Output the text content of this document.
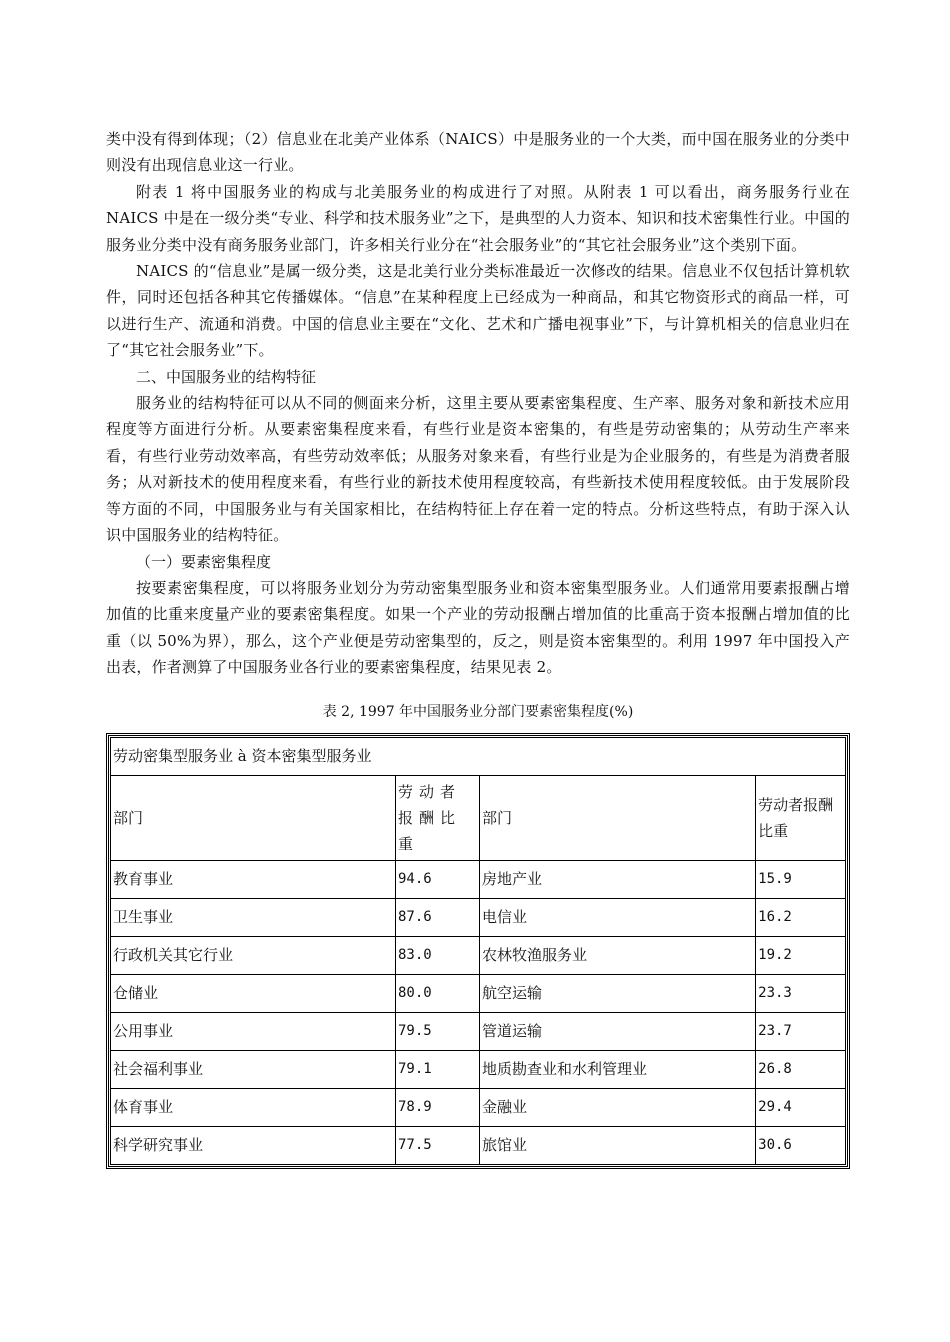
类中没有得到体现；（2）信息业在北美产业体系（NAICS）中是服务业的一个大类，而中国在服务业的分类中则没有出现信息业这一行业。

附表 1 将中国服务业的构成与北美服务业的构成进行了对照。从附表 1 可以看出，商务服务行业在 NAICS 中是在一级分类“专业、科学和技术服务业”之下，是典型的人力资本、知识和技术密集性行业。中国的服务业分类中没有商务服务业部门，许多相关行业分在“社会服务业”的“其它社会服务业”这个类别下面。

NAICS 的“信息业”是属一级分类，这是北美行业分类标准最近一次修改的结果。信息业不仅包括计算机软件，同时还包括各种其它传播媒体。“信息”在某种程度上已经成为一种商品，和其它物资形式的商品一样，可以进行生产、流通和消费。中国的信息业主要在“文化、艺术和广播电视事业”下，与计算机相关的信息业归在了“其它社会服务业”下。

二、中国服务业的结构特征

服务业的结构特征可以从不同的侧面来分析，这里主要从要素密集程度、生产率、服务对象和新技术应用程度等方面进行分析。从要素密集程度来看，有些行业是资本密集的，有些是劳动密集的；从劳动生产率来看，有些行业劳动效率高，有些劳动效率低；从服务对象来看，有些行业是为企业服务的，有些是为消费者服务；从对新技术的使用程度来看，有些行业的新技术使用程度较高，有些新技术使用程度较低。由于发展阶段等方面的不同，中国服务业与有关国家相比，在结构特征上存在着一定的特点。分析这些特点，有助于深入认识中国服务业的结构特征。

（一）要素密集程度

按要素密集程度，可以将服务业划分为劳动密集型服务业和资本密集型服务业。人们通常用要素报酬占增加值的比重来度量产业的要素密集程度。如果一个产业的劳动报酬占增加值的比重高于资本报酬占增加值的比重（以 50%为界），那么，这个产业便是劳动密集型的，反之，则是资本密集型的。利用 1997 年中国投入产出表，作者测算了中国服务业各行业的要素密集程度，结果见表 2。

表 2, 1997 年中国服务业分部门要素密集程度(%)
劳动密集型服务业 à 资本密集型服务业			
部门	劳动者报酬比重	部门	劳动者报酬比重
教育事业	94.6	房地产业	15.9
卫生事业	87.6	电信业	16.2
行政机关其它行业	83.0	农林牧渔服务业	19.2
仓储业	80.0	航空运输	23.3
公用事业	79.5	管道运输	23.7
社会福利事业	79.1	地质勘查业和水利管理业	26.8
体育事业	78.9	金融业	29.4
科学研究事业	77.5	旅馆业	30.6
